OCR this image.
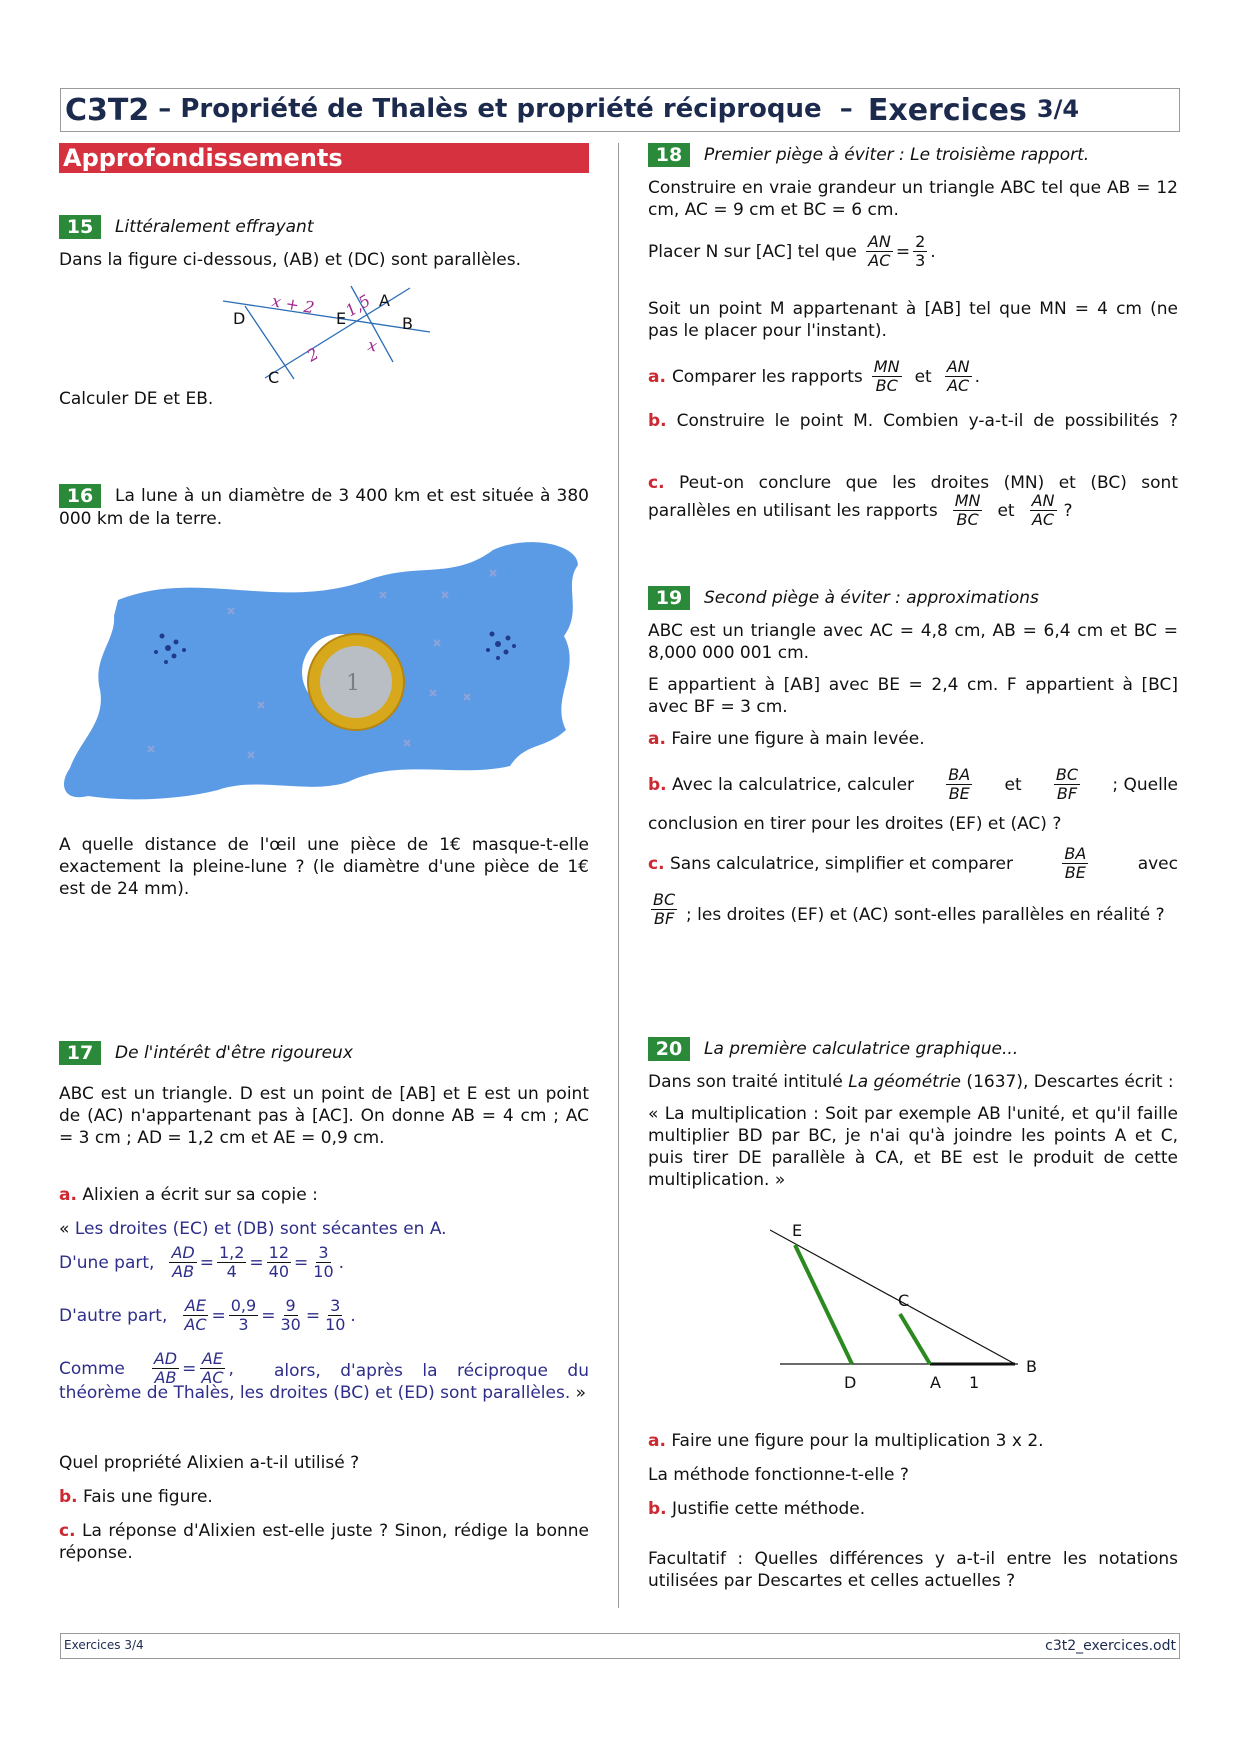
C3T2 – Propriété de Thalès et propriété réciproque – Exercices 3/4
Approfondissements
15 Littéralement effrayant
Dans la figure ci-dessous, (AB) et (DC) sont parallèles.
D
C
E
A
B
x + 2 1,5
2	x
Calculer DE et EB.
16 La lune à un diamètre de 3 400 km et est située à 380 000 km de la terre.
1
A quelle distance de l'œil une pièce de 1€ masque-t-elle exactement la pleine-lune ? (le diamètre d'une pièce de 1€ est de 24 mm).
17 De l'intérêt d'être rigoureux
ABC est un triangle. D est un point de [AB] et E est un point de (AC) n'appartenant pas à [AC]. On donne AB = 4 cm ; AC = 3 cm ; AD = 1,2 cm et AE = 0,9 cm.
a. Alixien a écrit sur sa copie :
« Les droites (EC) et (DB) sont sécantes en A.
D'une part, $\frac{AD}{AB} = \frac{1,2}{4} = \frac{12}{40} = \frac{3}{10}$ .
D'autre part, $\frac{AE}{AC} = \frac{0,9}{3} = \frac{9}{30} = \frac{3}{10}$ .
Comme $\frac{AD}{AB} = \frac{AE}{AC}$ ,	alors, d'après la réciproque du théorème de Thalès, les droites (BC) et (ED) sont parallèles. »
Quel propriété Alixien a-t-il utilisé ?
b. Fais une figure.
c. La réponse d'Alixien est-elle juste ? Sinon, rédige la bonne réponse.
18 Premier piège à éviter : Le troisième rapport.
Construire en vraie grandeur un triangle ABC tel que AB = 12 cm, AC = 9 cm et BC = 6 cm.
Placer N sur [AC] tel que $\frac{AN}{AC} = \frac{2}{3}$ .
Soit un point M appartenant à [AB] tel que MN = 4 cm (ne pas le placer pour l'instant).
a. Comparer les rapports $\frac{MN}{BC}$ et $\frac{AN}{AC}$ .
b. Construire le point M. Combien y-a-t-il de possibilités ?
c. Peut-on conclure que les droites (MN) et (BC) sont
parallèles en utilisant les rapports $\frac{MN}{BC}$ et $\frac{AN}{AC}$ ?
19 Second piège à éviter : approximations
ABC est un triangle avec AC = 4,8 cm, AB = 6,4 cm et BC = 8,000 000 001 cm.
E appartient à [AB] avec BE = 2,4 cm. F appartient à [BC] avec BF = 3 cm.
a. Faire une figure à main levée.
b. Avec la calculatrice, calculer $\frac{BA}{BE}$ et $\frac{BC}{BF}$ ; Quelle
conclusion en tirer pour les droites (EF) et (AC) ?
c. Sans calculatrice, simplifier et comparer	$\frac{BA}{BE}$	avec
$\frac{BC}{BF}$ ; les droites (EF) et (AC) sont-elles parallèles en réalité ?
20 La première calculatrice graphique...
Dans son traité intitulé La géométrie (1637), Descartes écrit :
« La multiplication : Soit par exemple AB l'unité, et qu'il faille multiplier BD par BC, je n'ai qu'à joindre les points A et C, puis tirer DE parallèle à CA, et BE est le produit de cette multiplication. »
E
C
B
D	A 1
a. Faire une figure pour la multiplication 3 x 2.
La méthode fonctionne-t-elle ?
b. Justifie cette méthode.
Facultatif : Quelles différences y a-t-il entre les notations utilisées par Descartes et celles actuelles ?
Exercices 3/4	c3t2_exercices.odt
